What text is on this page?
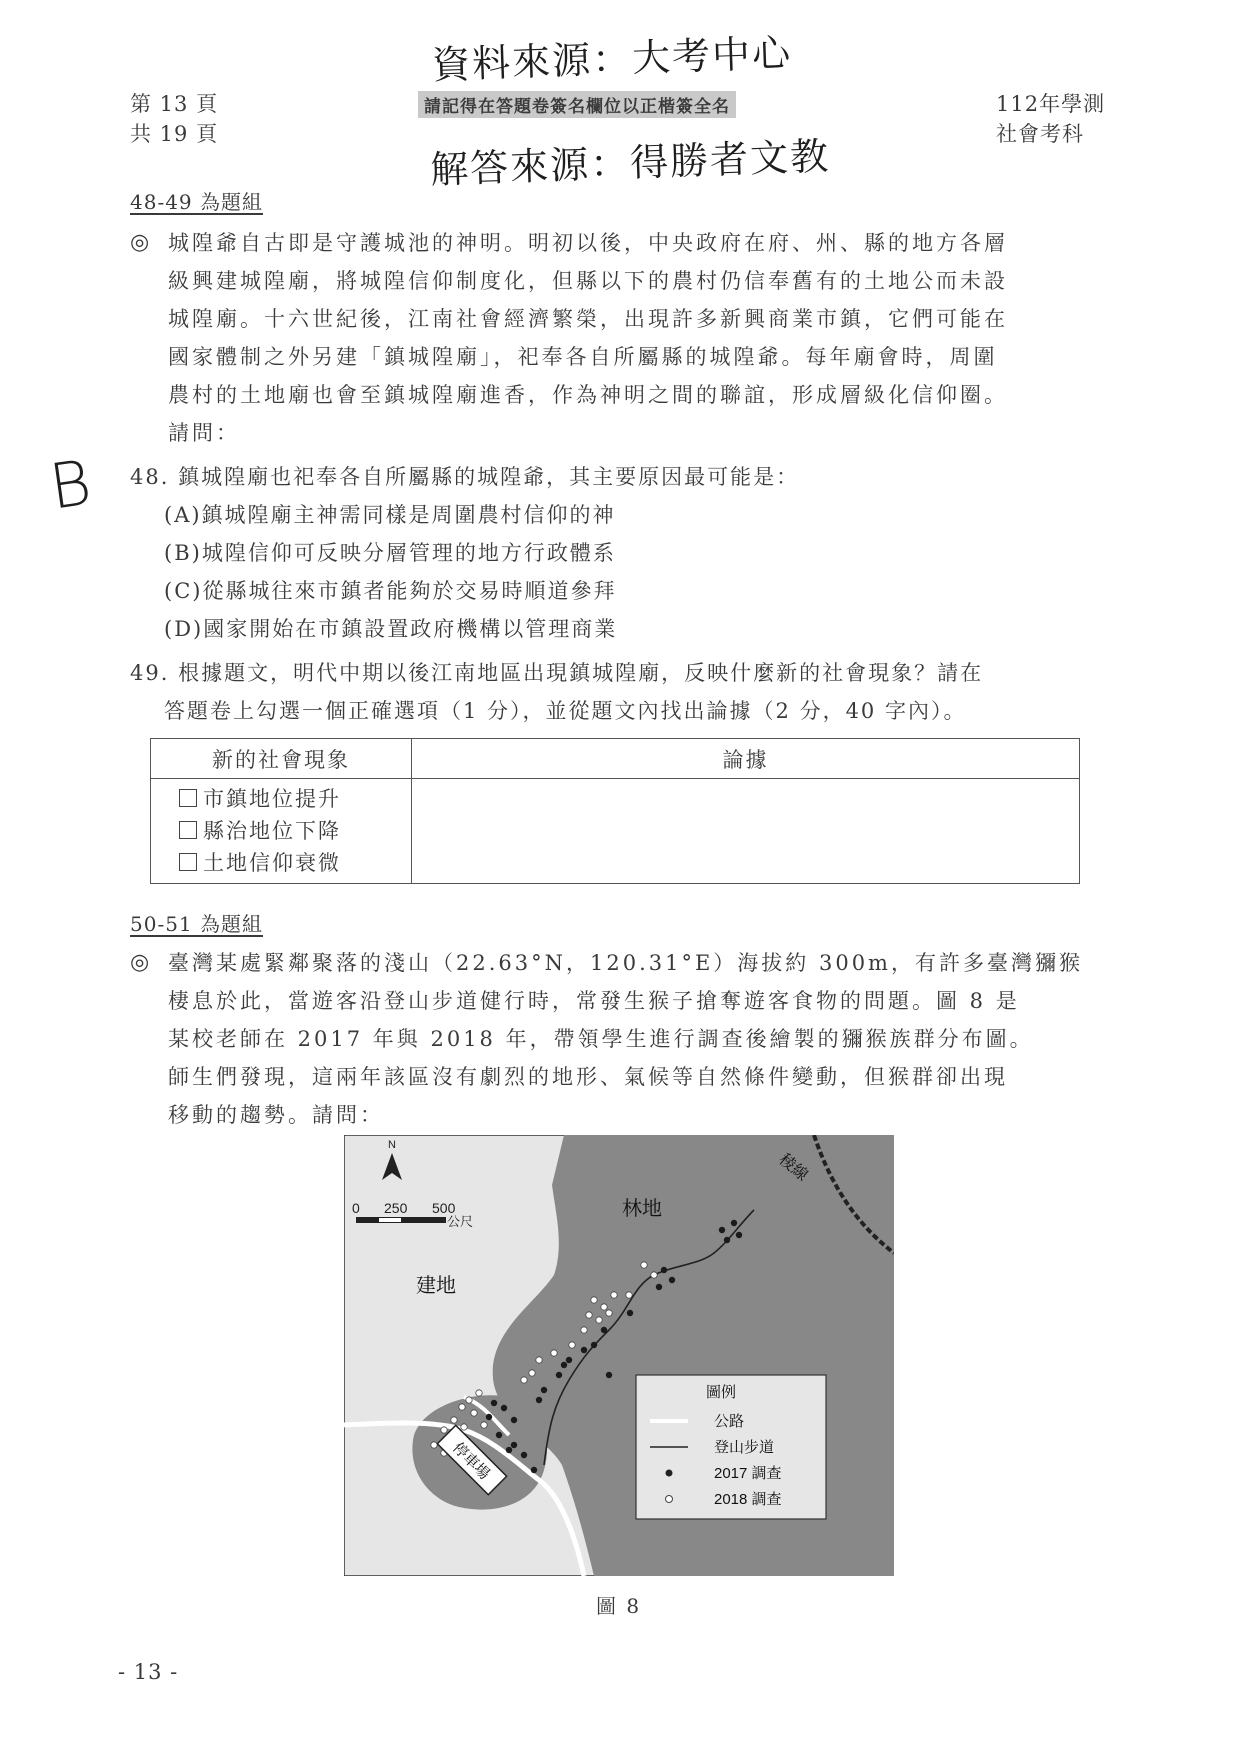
第 13 頁
共 19 頁
請記得在答題卷簽名欄位以正楷簽全名	112年學測
社會考科
資料來源：大考中心
解答來源：得勝者文教
B
48-49 為題組
◎ 城隍爺自古即是守護城池的神明。明初以後，中央政府在府、州、縣的地方各層
級興建城隍廟，將城隍信仰制度化，但縣以下的農村仍信奉舊有的土地公而未設
城隍廟。十六世紀後，江南社會經濟繁榮，出現許多新興商業市鎮，它們可能在
國家體制之外另建「鎮城隍廟」，祀奉各自所屬縣的城隍爺。每年廟會時，周圍
農村的土地廟也會至鎮城隍廟進香，作為神明之間的聯誼，形成層級化信仰圈。
請問：
48. 鎮城隍廟也祀奉各自所屬縣的城隍爺，其主要原因最可能是：
(A)鎮城隍廟主神需同樣是周圍農村信仰的神
(B)城隍信仰可反映分層管理的地方行政體系
(C)從縣城往來市鎮者能夠於交易時順道參拜
(D)國家開始在市鎮設置政府機構以管理商業
49. 根據題文，明代中期以後江南地區出現鎮城隍廟，反映什麼新的社會現象？請在
答題卷上勾選一個正確選項（1 分），並從題文內找出論據（2 分，40 字內）。
新的社會現象	論據

市鎮地位提升
縣治地位下降
土地信仰衰微	

50-51 為題組
◎ 臺灣某處緊鄰聚落的淺山（22.63°N，120.31°E）海拔約 300m，有許多臺灣獼猴
棲息於此，當遊客沿登山步道健行時，常發生猴子搶奪遊客食物的問題。圖 8 是
某校老師在 2017 年與 2018 年，帶領學生進行調查後繪製的獼猴族群分布圖。
師生們發現，這兩年該區沒有劇烈的地形、氣候等自然條件變動，但猴群卻出現
移動的趨勢。請問：
N
0 250 500
公尺
林地
建地
稜線
停車場
圖例
公路
登山步道
2017 調查
2018 調查
圖 8
- 13 -
